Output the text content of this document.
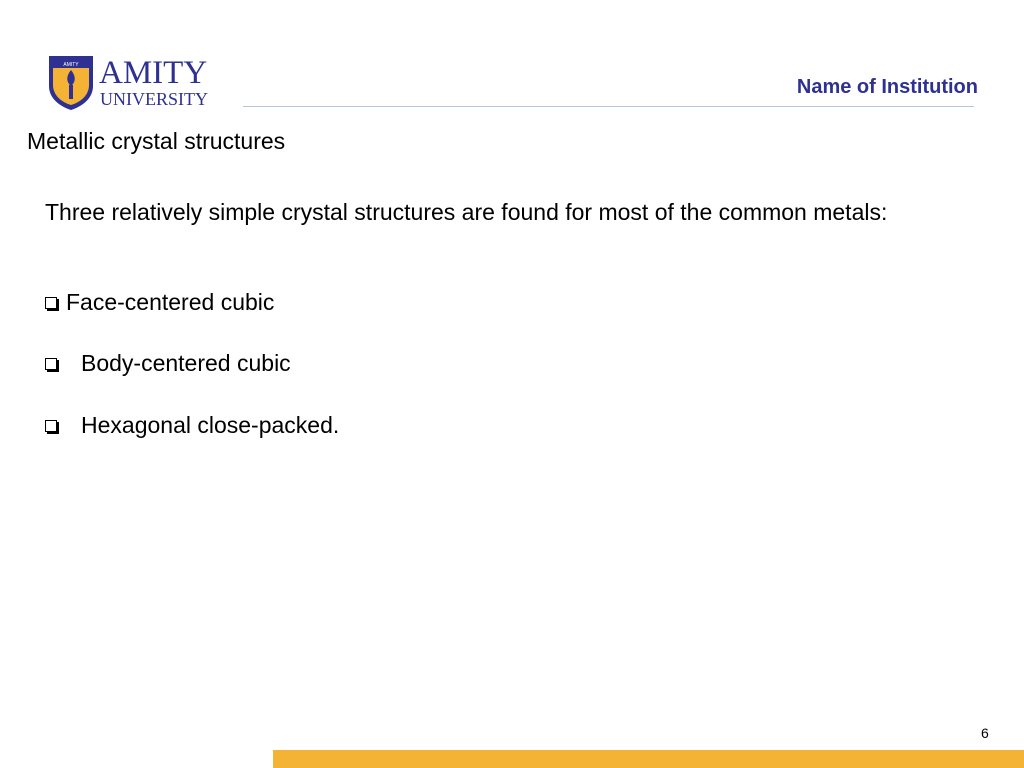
AMITY AMITY
UNIVERSITY
Name of Institution
Metallic crystal structures
Three relatively simple crystal structures are found for most of the common metals:
Face-centered cubic
Body-centered cubic
Hexagonal close-packed.
6
